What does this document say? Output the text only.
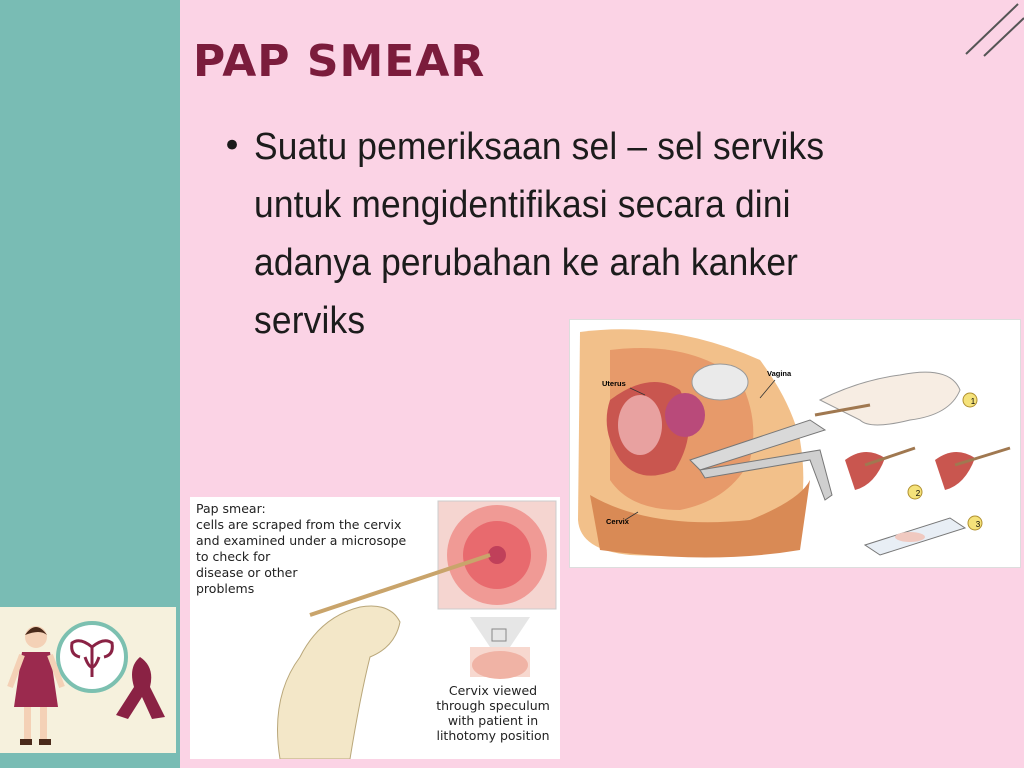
PAP SMEAR
• Suatu pemeriksaan sel – sel serviks untuk mengidentifikasi secara dini adanya perubahan ke arah kanker serviks
1
2
3
Uterus
Vagina
Cervix
Pap smear:
cells are scraped from the cervix
and examined under a microsope
to check for
disease or other
problems
Cervix viewed
through speculum
with patient in
lithotomy position
